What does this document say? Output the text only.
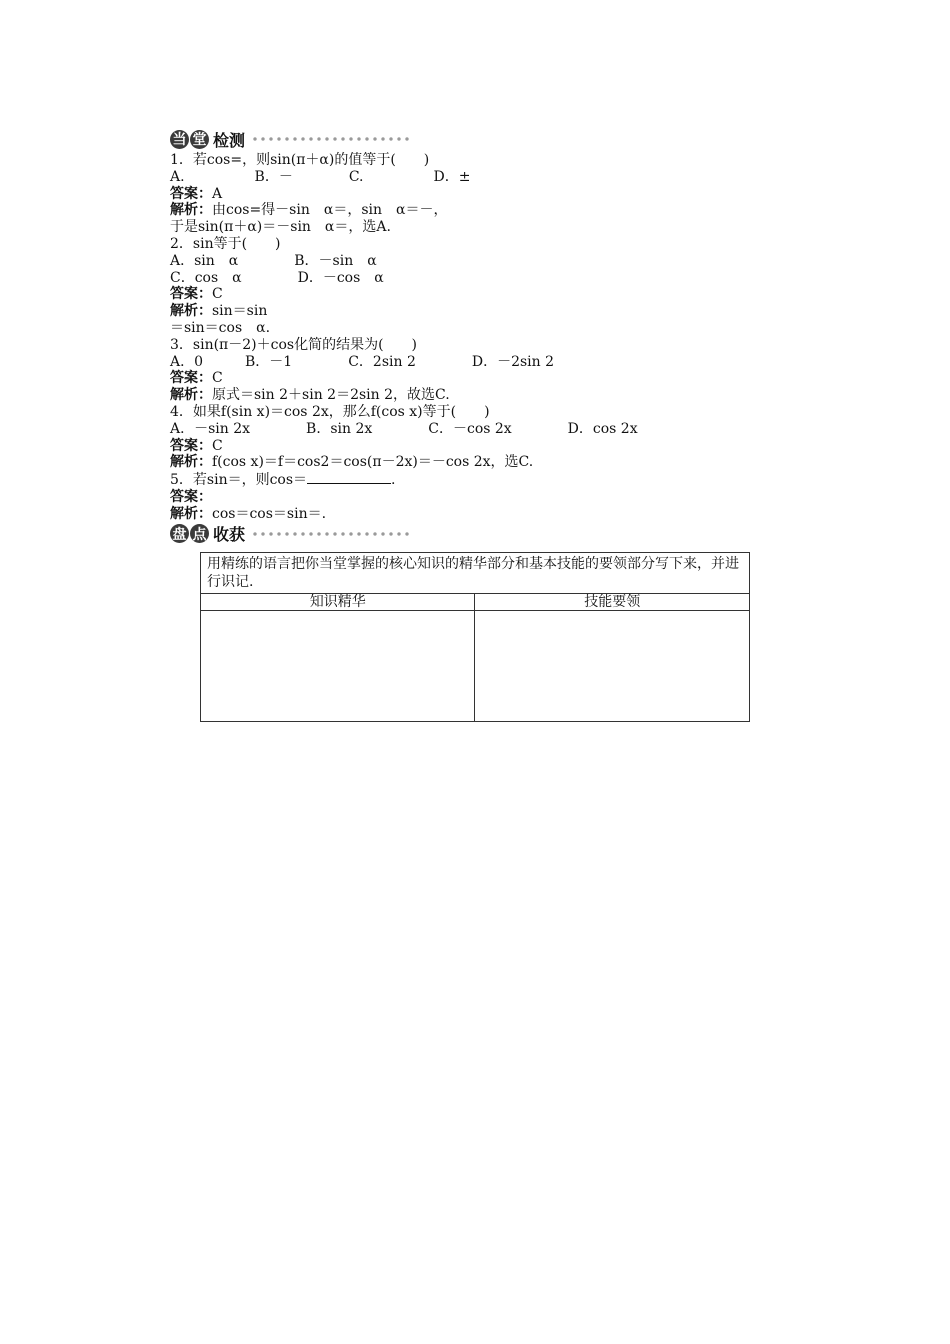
当 堂 检测
1．若cos=，则sin(π＋α)的值等于(　　)
A.　　　　　B．－　　　　C.　　　　　D．±
答案：A
解析：由cos=得－sin　α＝，sin　α＝－，
于是sin(π＋α)＝－sin　α＝，选A.
2．sin等于(　　)
A．sin　α　　　　B．－sin　α
C．cos　α　　　　D．－cos　α
答案：C
解析：sin＝sin
＝sin＝cos　α.
3．sin(π－2)＋cos化简的结果为(　　)
A．0　　　B．－1　　　　C．2sin 2　　　　D．－2sin 2
答案：C
解析：原式＝sin 2＋sin 2＝2sin 2，故选C.
4．如果f(sin x)＝cos 2x，那么f(cos x)等于(　　)
A．－sin 2x　　　　B．sin 2x　　　　C．－cos 2x　　　　D．cos 2x
答案：C
解析：f(cos x)＝f＝cos2＝cos(π－2x)＝－cos 2x，选C.
5．若sin＝，则cos＝	.
答案：
解析：cos＝cos＝sin＝.
盘 点 收获
用精练的语言把你当堂掌握的核心知识的精华部分和基本技能的要领部分写下来，并进行识记.	
知识精华	技能要领
